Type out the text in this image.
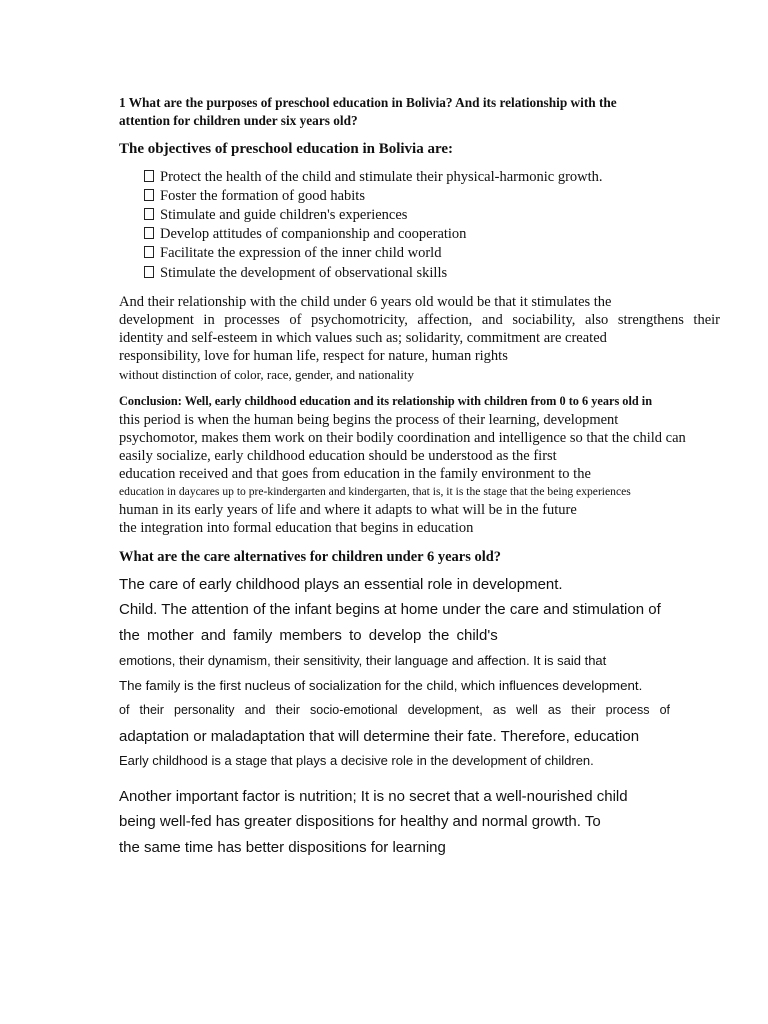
1 What are the purposes of preschool education in Bolivia? And its relationship with the
attention for children under six years old?
The objectives of preschool education in Bolivia are:
Protect the health of the child and stimulate their physical-harmonic growth.
Foster the formation of good habits
Stimulate and guide children's experiences
Develop attitudes of companionship and cooperation
Facilitate the expression of the inner child world
Stimulate the development of observational skills
And their relationship with the child under 6 years old would be that it stimulates the
development in processes of psychomotricity, affection, and sociability, also strengthens their
identity and self-esteem in which values such as; solidarity, commitment are created
responsibility, love for human life, respect for nature, human rights
without distinction of color, race, gender, and nationality
Conclusion: Well, early childhood education and its relationship with children from 0 to 6 years old in
this period is when the human being begins the process of their learning, development
psychomotor, makes them work on their bodily coordination and intelligence so that the child can
easily socialize, early childhood education should be understood as the first
education received and that goes from education in the family environment to the
education in daycares up to pre-kindergarten and kindergarten, that is, it is the stage that the being experiences
human in its early years of life and where it adapts to what will be in the future
the integration into formal education that begins in education
What are the care alternatives for children under 6 years old?
The care of early childhood plays an essential role in development.
Child. The attention of the infant begins at home under the care and stimulation of
the mother and family members to develop the child's
emotions, their dynamism, their sensitivity, their language and affection. It is said that
The family is the first nucleus of socialization for the child, which influences development.
of their personality and their socio-emotional development, as well as their process of
adaptation or maladaptation that will determine their fate. Therefore, education
Early childhood is a stage that plays a decisive role in the development of children.
Another important factor is nutrition; It is no secret that a well-nourished child
being well-fed has greater dispositions for healthy and normal growth. To
the same time has better dispositions for learning
